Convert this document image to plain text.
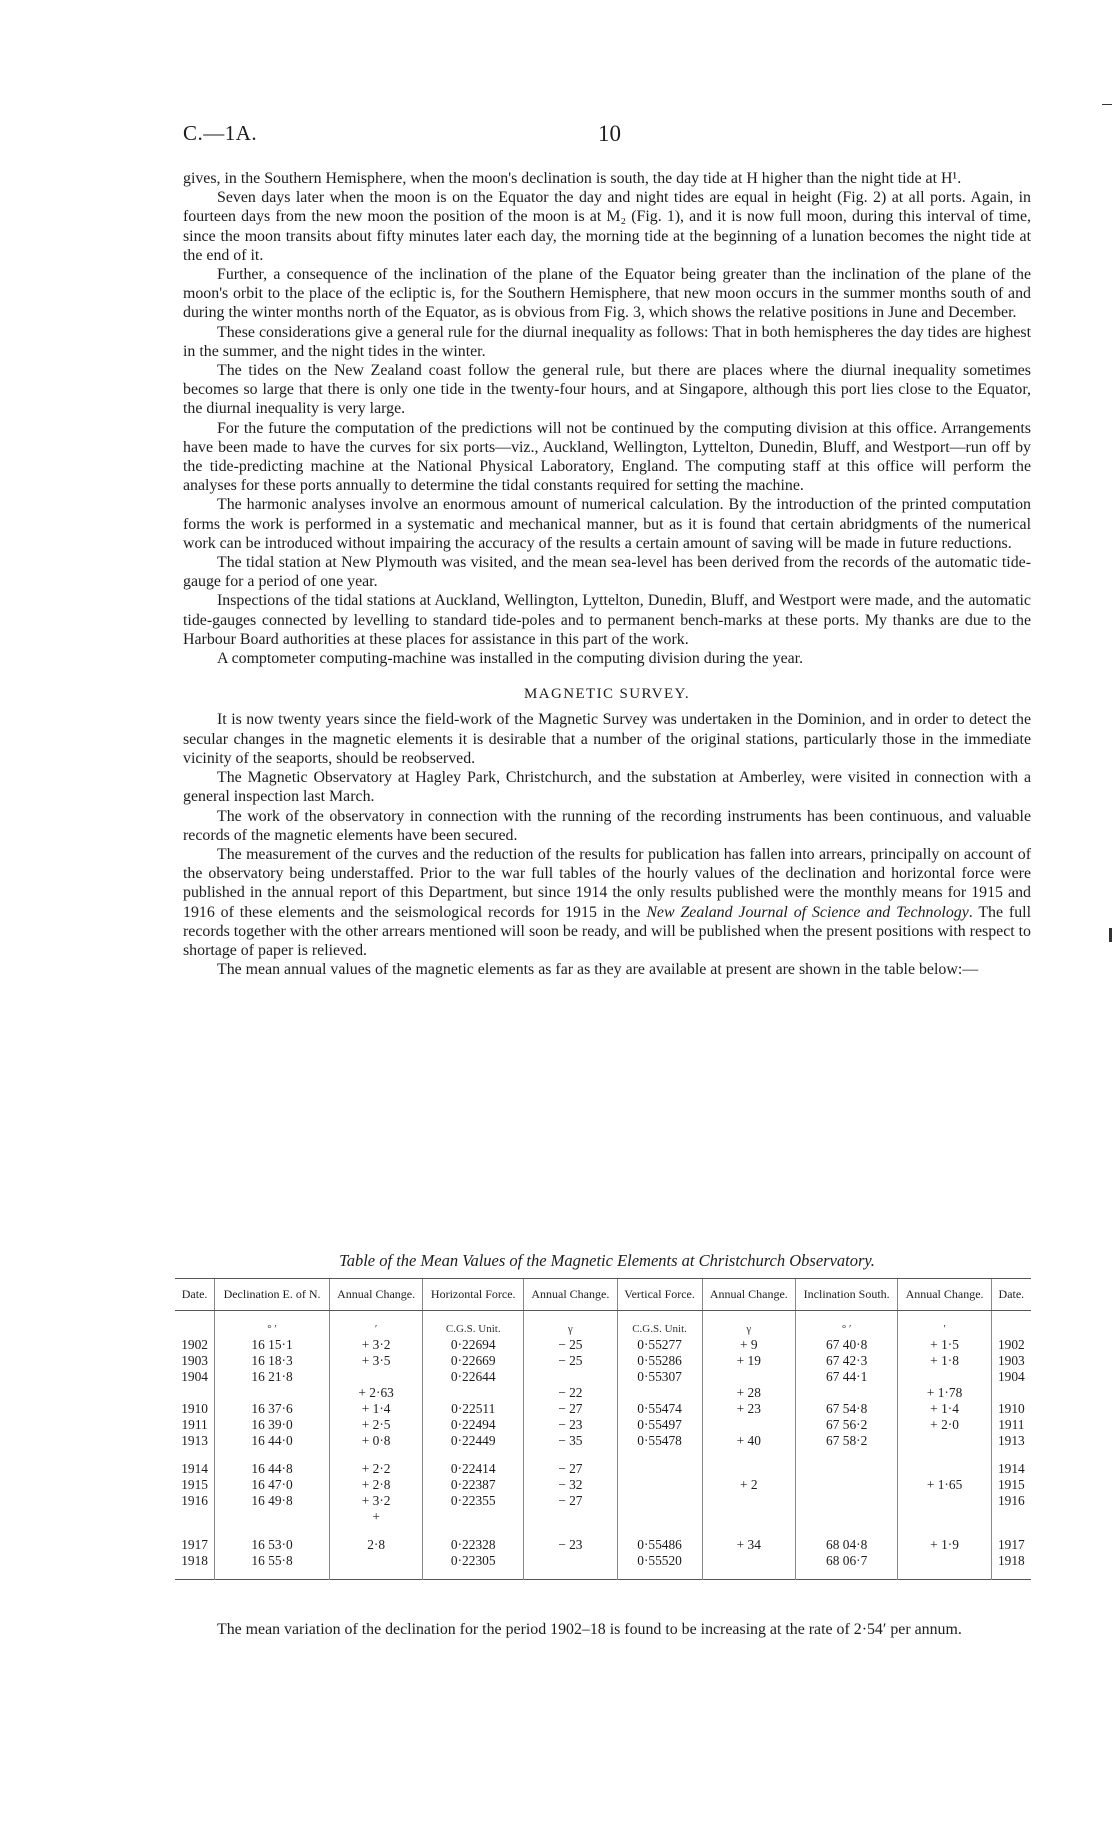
C.—1A.	10

gives, in the Southern Hemisphere, when the moon's declination is south, the day tide at H higher than the night tide at H¹.

Seven days later when the moon is on the Equator the day and night tides are equal in height (Fig. 2) at all ports. Again, in fourteen days from the new moon the position of the moon is at M₂ (Fig. 1), and it is now full moon, during this interval of time, since the moon transits about fifty minutes later each day, the morning tide at the beginning of a lunation becomes the night tide at the end of it.

Further, a consequence of the inclination of the plane of the Equator being greater than the inclination of the plane of the moon's orbit to the place of the ecliptic is, for the Southern Hemisphere, that new moon occurs in the summer months south of and during the winter months north of the Equator, as is obvious from Fig. 3, which shows the relative positions in June and December.

These considerations give a general rule for the diurnal inequality as follows: That in both hemispheres the day tides are highest in the summer, and the night tides in the winter.

The tides on the New Zealand coast follow the general rule, but there are places where the diurnal inequality sometimes becomes so large that there is only one tide in the twenty-four hours, and at Singapore, although this port lies close to the Equator, the diurnal inequality is very large.

For the future the computation of the predictions will not be continued by the computing division at this office. Arrangements have been made to have the curves for six ports—viz., Auckland, Wellington, Lyttelton, Dunedin, Bluff, and Westport—run off by the tide-predicting machine at the National Physical Laboratory, England. The computing staff at this office will perform the analyses for these ports annually to determine the tidal constants required for setting the machine.

The harmonic analyses involve an enormous amount of numerical calculation. By the introduction of the printed computation forms the work is performed in a systematic and mechanical manner, but as it is found that certain abridgments of the numerical work can be introduced without impairing the accuracy of the results a certain amount of saving will be made in future reductions.

The tidal station at New Plymouth was visited, and the mean sea-level has been derived from the records of the automatic tide-gauge for a period of one year.

Inspections of the tidal stations at Auckland, Wellington, Lyttelton, Dunedin, Bluff, and Westport were made, and the automatic tide-gauges connected by levelling to standard tide-poles and to permanent bench-marks at these ports. My thanks are due to the Harbour Board authorities at these places for assistance in this part of the work.

A comptometer computing-machine was installed in the computing division during the year.

MAGNETIC SURVEY.

It is now twenty years since the field-work of the Magnetic Survey was undertaken in the Dominion, and in order to detect the secular changes in the magnetic elements it is desirable that a number of the original stations, particularly those in the immediate vicinity of the seaports, should be reobserved.

The Magnetic Observatory at Hagley Park, Christchurch, and the substation at Amberley, were visited in connection with a general inspection last March.

The work of the observatory in connection with the running of the recording instruments has been continuous, and valuable records of the magnetic elements have been secured.

The measurement of the curves and the reduction of the results for publication has fallen into arrears, principally on account of the observatory being understaffed. Prior to the war full tables of the hourly values of the declination and horizontal force were published in the annual report of this Department, but since 1914 the only results published were the monthly means for 1915 and 1916 of these elements and the seismological records for 1915 in the New Zealand Journal of Science and Technology. The full records together with the other arrears mentioned will soon be ready, and will be published when the present positions with respect to shortage of paper is relieved.

The mean annual values of the magnetic elements as far as they are available at present are shown in the table below:—

Table of the Mean Values of the Magnetic Elements at Christchurch Observatory.
Date.	Declination E. of N.	Annual Change.	Horizontal Force.	Annual Change.	Vertical Force.	Annual Change.	Inclination South.	Annual Change.	Date.
	° ′	′	C.G.S. Unit.	γ	C.G.S. Unit.	γ	° ′	′	
1902	16 15·1	+ 3·2	0·22694	− 25	0·55277	+ 9	67 40·8	+ 1·5	1902
1903	16 18·3	+ 3·5	0·22669	− 25	0·55286	+ 19	67 42·3	+ 1·8	1903
1904	16 21·8		0·22644		0·55307		67 44·1		1904
		+ 2·63		− 22		+ 28		+ 1·78	
1910	16 37·6	+ 1·4	0·22511	− 27	0·55474	+ 23	67 54·8	+ 1·4	1910
1911	16 39·0	+ 2·5	0·22494	− 23	0·55497		67 56·2	+ 2·0	1911
1913	16 44·0	+ 0·8	0·22449	− 35	0·55478	+ 40	67 58·2		1913

1914	16 44·8	+ 2·2	0·22414	− 27					1914
1915	16 47·0	+ 2·8	0·22387	− 32		+ 2		+ 1·65	1915
1916	16 49·8	+ 3·2	0·22355	− 27					1916
		+							

1917	16 53·0	2·8	0·22328	− 23	0·55486	+ 34	68 04·8	+ 1·9	1917
1918	16 55·8		0·22305		0·55520		68 06·7		1918

The mean variation of the declination for the period 1902–18 is found to be increasing at the rate of 2·54′ per annum.
